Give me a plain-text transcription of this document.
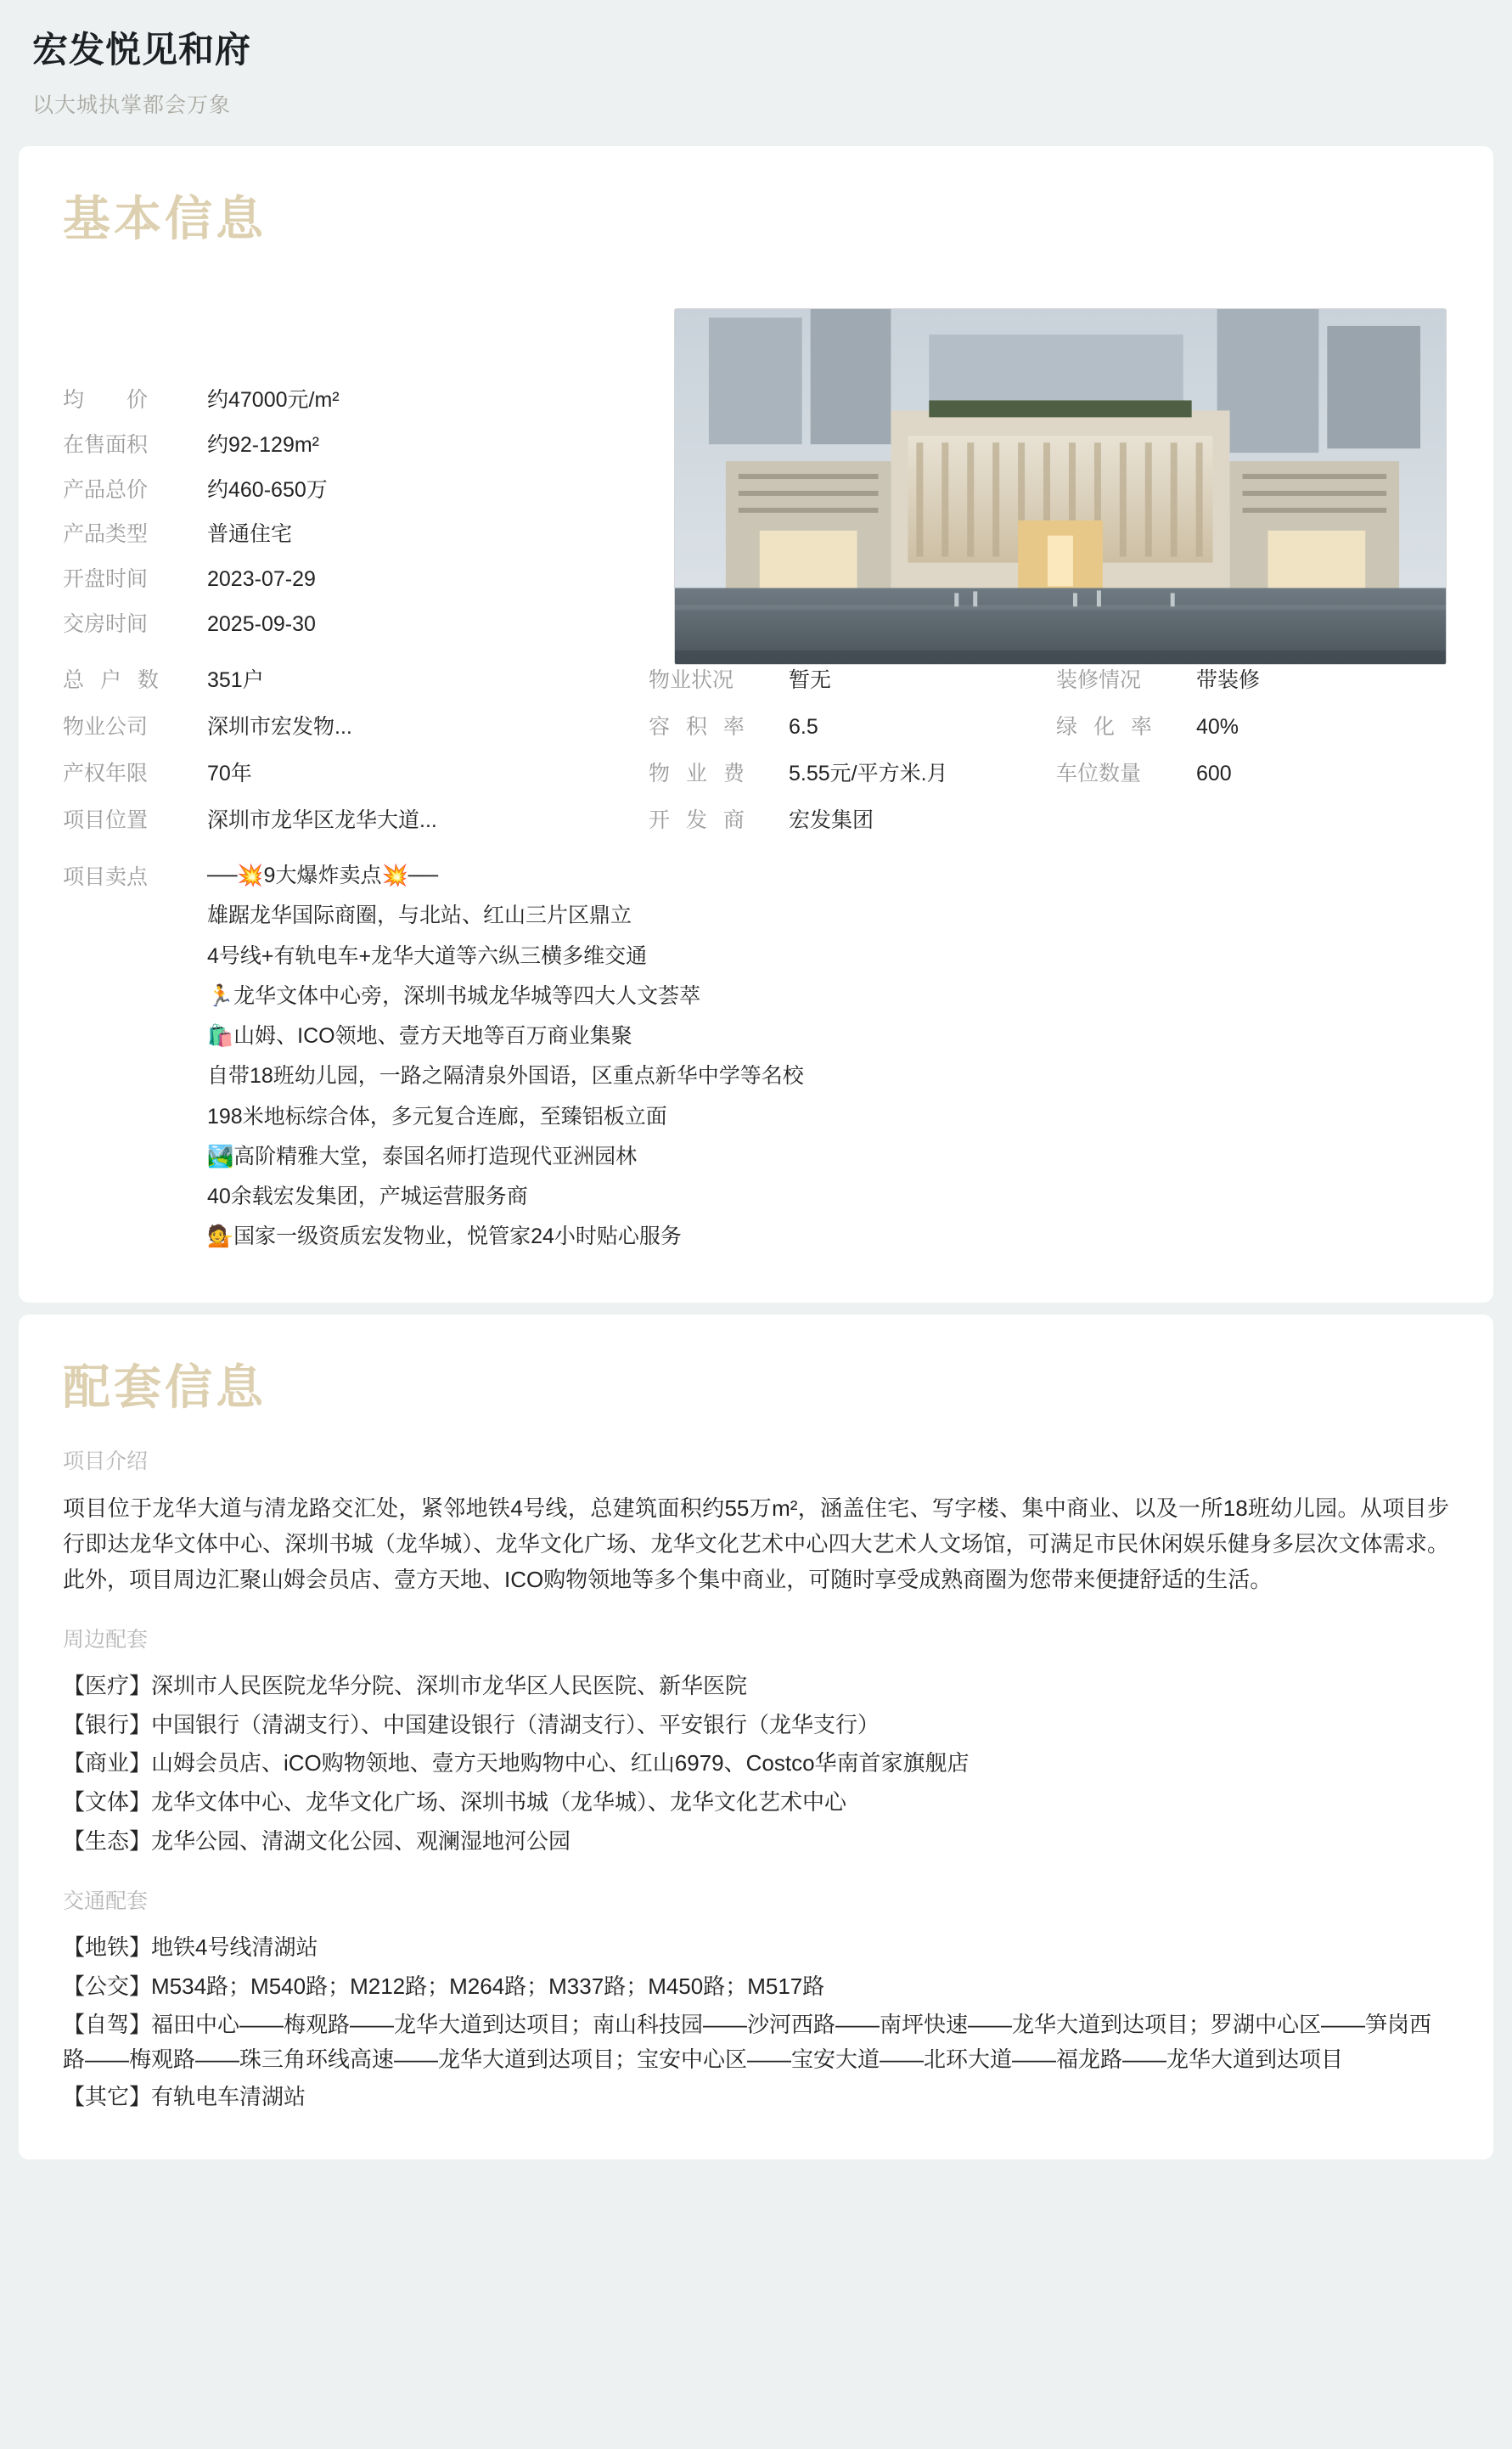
宏发悦见和府

以大城执掌都会万象

基本信息
均　　价	约47000元/m²
在售面积	约92-129m²
产品总价	约460-650万
产品类型	普通住宅
开盘时间	2023-07-29
交房时间	2025-09-30
总 户 数	351户	物业状况	暂无	装修情况	带装修
物业公司	深圳市宏发物...	容 积 率	6.5	绿 化 率	40%
产权年限	70年	物 业 费	5.55元/平方米.月	车位数量	600
项目位置	深圳市龙华区龙华大道...	开 发 商	宏发集团
项目卖点	──💥9大爆炸卖点💥──
雄踞龙华国际商圈，与北站、红山三片区鼎立
4号线+有轨电车+龙华大道等六纵三横多维交通
🏃龙华文体中心旁，深圳书城龙华城等四大人文荟萃
🛍️山姆、ICO领地、壹方天地等百万商业集聚
自带18班幼儿园，一路之隔清泉外国语，区重点新华中学等名校
198米地标综合体，多元复合连廊，至臻铝板立面
🏞️高阶精雅大堂，泰国名师打造现代亚洲园林
40余载宏发集团，产城运营服务商
💁国家一级资质宏发物业，悦管家24小时贴心服务
配套信息
项目介绍

项目位于龙华大道与清龙路交汇处，紧邻地铁4号线，总建筑面积约55万m²，涵盖住宅、写字楼、集中商业、以及一所18班幼儿园。从项目步行即达龙华文体中心、深圳书城（龙华城）、龙华文化广场、龙华文化艺术中心四大艺术人文场馆，可满足市民休闲娱乐健身多层次文体需求。此外，项目周边汇聚山姆会员店、壹方天地、ICO购物领地等多个集中商业，可随时享受成熟商圈为您带来便捷舒适的生活。

周边配套
【医疗】深圳市人民医院龙华分院、深圳市龙华区人民医院、新华医院
【银行】中国银行（清湖支行）、中国建设银行（清湖支行）、平安银行（龙华支行）
【商业】山姆会员店、iCO购物领地、壹方天地购物中心、红山6979、Costco华南首家旗舰店
【文体】龙华文体中心、龙华文化广场、深圳书城（龙华城）、龙华文化艺术中心
【生态】龙华公园、清湖文化公园、观澜湿地河公园
交通配套
【地铁】地铁4号线清湖站
【公交】M534路；M540路；M212路；M264路；M337路；M450路；M517路
【自驾】福田中心——梅观路——龙华大道到达项目；南山科技园——沙河西路——南坪快速——龙华大道到达项目；罗湖中心区——笋岗西路——梅观路——珠三角环线高速——龙华大道到达项目；宝安中心区——宝安大道——北环大道——福龙路——龙华大道到达项目
【其它】有轨电车清湖站
